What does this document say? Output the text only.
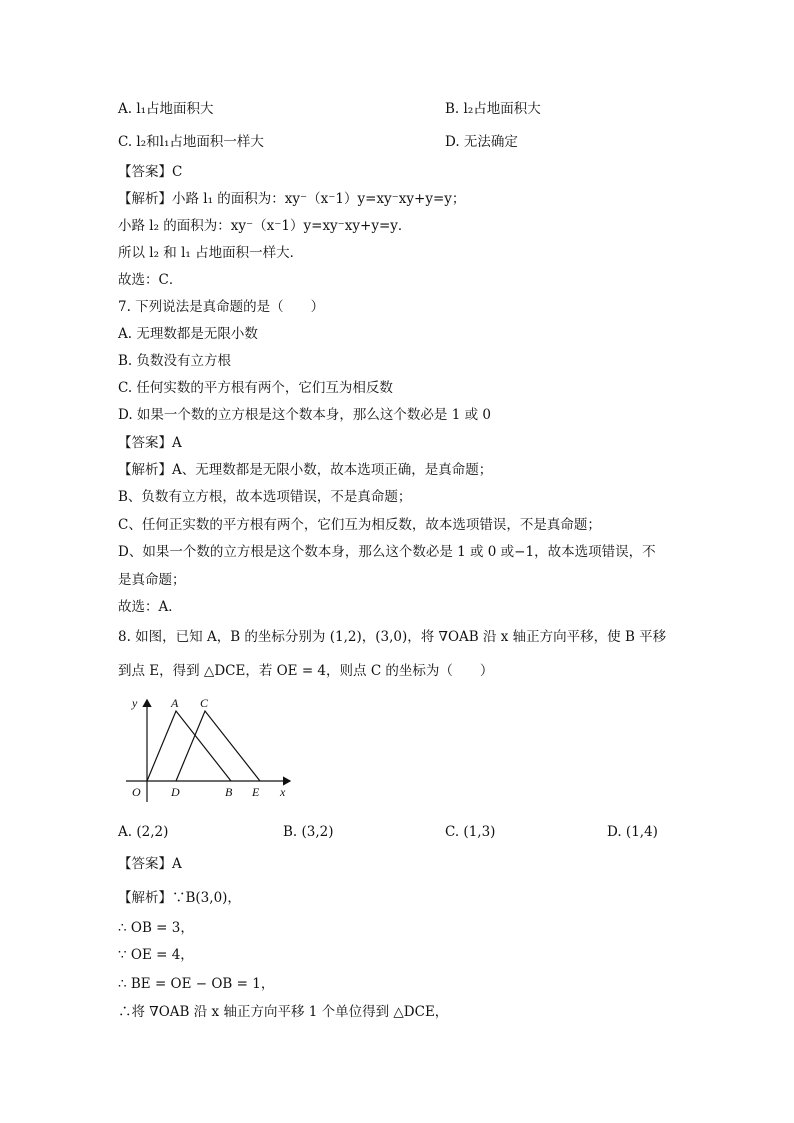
A. l₁占地面积大	B. l₂占地面积大
C. l₂和l₁占地面积一样大	D. 无法确定
【答案】C
【解析】小路 l₁ 的面积为：xy⁻（x⁻1）y=xy⁻xy+y=y；
小路 l₂ 的面积为：xy⁻（x⁻1）y=xy⁻xy+y=y．
所以 l₂ 和 l₁ 占地面积一样大．
故选：C．
7. 下列说法是真命题的是（　　）
A. 无理数都是无限小数
B. 负数没有立方根
C. 任何实数的平方根有两个，它们互为相反数
D. 如果一个数的立方根是这个数本身，那么这个数必是 1 或 0
【答案】A
【解析】A、无理数都是无限小数，故本选项正确，是真命题；
B、负数有立方根，故本选项错误，不是真命题；
C、任何正实数的平方根有两个，它们互为相反数，故本选项错误，不是真命题；
D、如果一个数的立方根是这个数本身，那么这个数必是 1 或 0 或−1，故本选项错误，不
是真命题；
故选：A．
8. 如图，已知 A，B 的坐标分别为 (1,2)，(3,0)，将 ∇OAB 沿 x 轴正方向平移，使 B 平移
到点 E，得到 △DCE，若 OE = 4，则点 C 的坐标为（　　）
y	A C
O	D	B E x
A. (2,2)	B. (3,2)	C. (1,3)	D. (1,4)
【答案】A
【解析】∵B(3,0)，
∴ OB = 3，
∵ OE = 4，
∴ BE = OE − OB = 1，
∴将 ∇OAB 沿 x 轴正方向平移 1 个单位得到 △DCE，
